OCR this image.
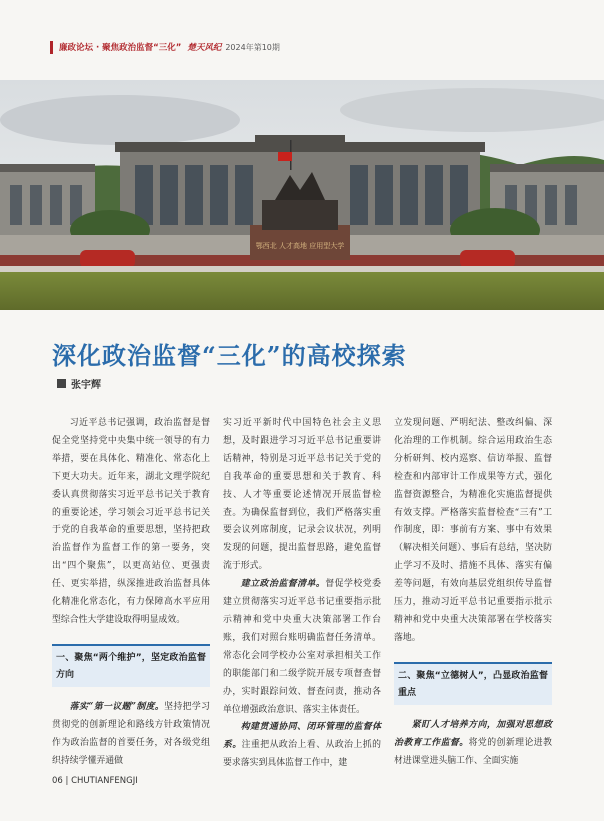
廉政论坛 · 聚焦政治监督“三化” 楚天风纪 2024年第10期
鄂西北 人才高地 应用型大学
深化政治监督“三化”的高校探索
张宇辉

习近平总书记强调，政治监督是督促全党坚持党中央集中统一领导的有力举措，要在具体化、精准化、常态化上下更大功夫。近年来，湖北文理学院纪委认真贯彻落实习近平总书记关于教育的重要论述，学习领会习近平总书记关于党的自我革命的重要思想，坚持把政治监督作为监督工作的第一要务，突出“四个聚焦”，以更高站位、更强责任、更实举措，纵深推进政治监督具体化精准化常态化，有力保障高水平应用型综合性大学建设取得明显成效。

一、聚焦“两个维护”，坚定政治监督方向

落实“第一议题”制度。坚持把学习贯彻党的创新理论和路线方针政策情况作为政治监督的首要任务，对各级党组织持续学懂弄通做

实习近平新时代中国特色社会主义思想，及时跟进学习习近平总书记重要讲话精神，特别是习近平总书记关于党的自我革命的重要思想和关于教育、科技、人才等重要论述情况开展监督检查。为确保监督到位，我们严格落实重要会议列席制度，记录会议状况，列明发现的问题，提出监督思路，避免监督流于形式。

建立政治监督清单。督促学校党委建立贯彻落实习近平总书记重要指示批示精神和党中央重大决策部署工作台账，我们对照台账明确监督任务清单。常态化会同学校办公室对承担相关工作的职能部门和二级学院开展专项督查督办，实时跟踪问效、督查问责，推动各单位增强政治意识、落实主体责任。

构建贯通协同、闭环管理的监督体系。注重把从政治上看、从政治上抓的要求落实到具体监督工作中，建

立发现问题、严明纪法、整改纠偏、深化治理的工作机制。综合运用政治生态分析研判、校内巡察、信访举报、监督检查和内部审计工作成果等方式，强化监督资源整合，为精准化实施监督提供有效支撑。严格落实监督检查“三有”工作制度，即：事前有方案、事中有效果（解决相关问题）、事后有总结，坚决防止学习不及时、措施不具体、落实有偏差等问题，有效向基层党组织传导监督压力，推动习近平总书记重要指示批示精神和党中央重大决策部署在学校落实落地。

二、聚焦“立德树人”，凸显政治监督重点

紧盯人才培养方向，加强对思想政治教育工作监督。将党的创新理论进教材进课堂进头脑工作、全面实施

06 | CHUTIANFENGJI
